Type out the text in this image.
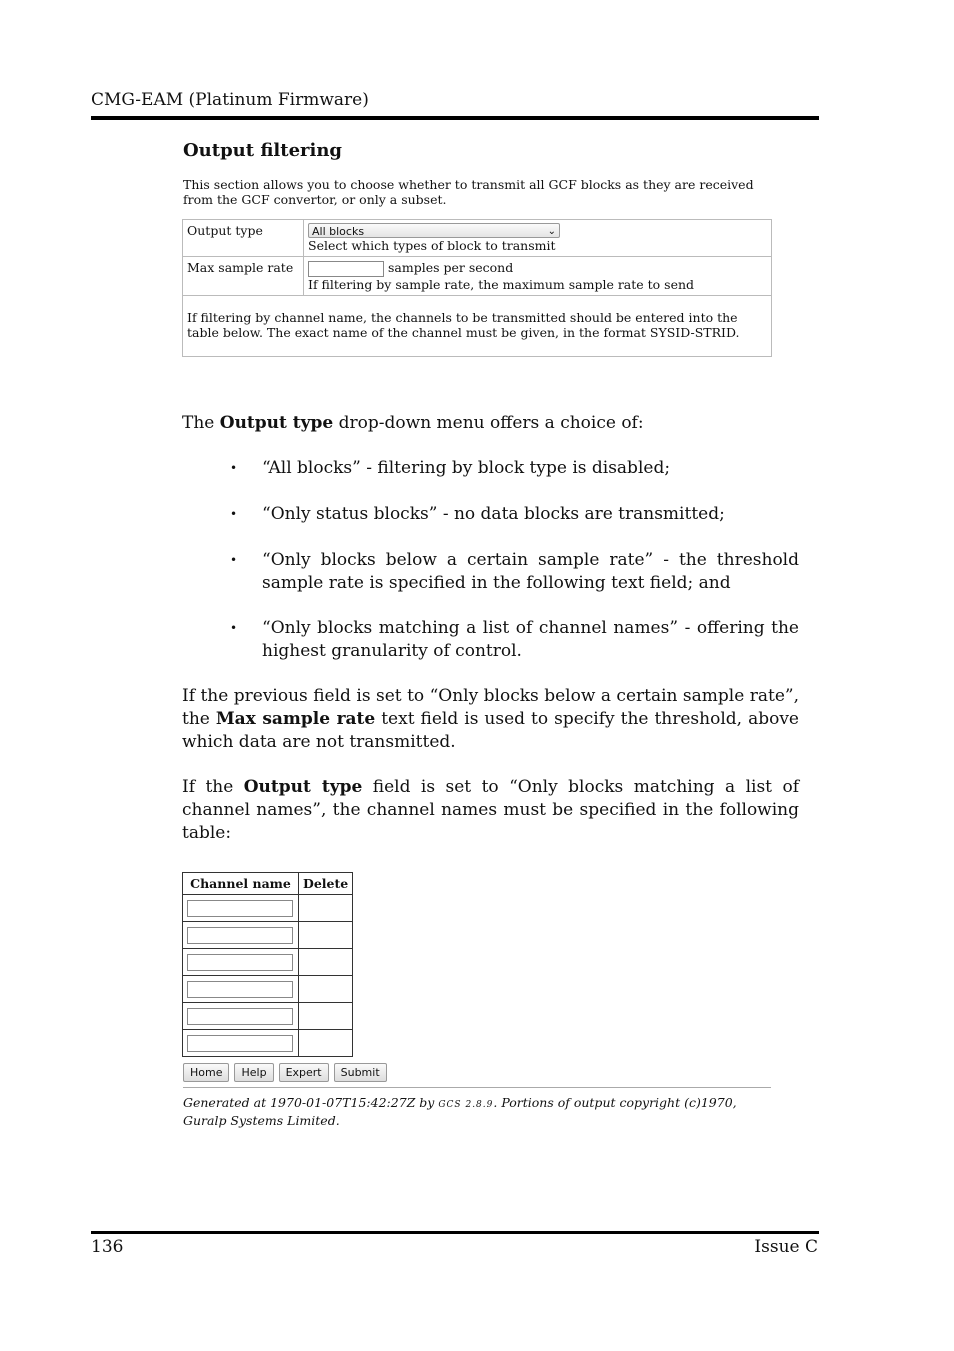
CMG-EAM (Platinum Firmware)
Output filtering
This section allows you to choose whether to transmit all GCF blocks as they are received
from the GCF convertor, or only a subset.
Output type	All blocks ⌄
Select which types of block to transmit

Max sample rate	samples per second
If filtering by sample rate, the maximum sample rate to send

If filtering by channel name, the channels to be transmitted should be entered into the table below. The exact name of the channel must be given, in the format SYSID-STRID.	
The Output type drop-down menu offers a choice of:
• “All blocks” - filtering by block type is disabled;
• “Only status blocks” - no data blocks are transmitted;
• “Only blocks below a certain sample rate” - the threshold sample rate is specified in the following text field; and
• “Only blocks matching a list of channel names” - offering the highest granularity of control.
If the previous field is set to “Only blocks below a certain sample rate”, the Max sample rate text field is used to specify the threshold, above which data are not transmitted.
If the Output type field is set to “Only blocks matching a list of channel names”, the channel names must be specified in the following table:
Channel name	Delete

Home	Help	Expert	Submit
Generated at 1970-01-07T15:42:27Z by GCS 2.8.9. Portions of output copyright (c)1970, Guralp Systems Limited.
136	Issue C
